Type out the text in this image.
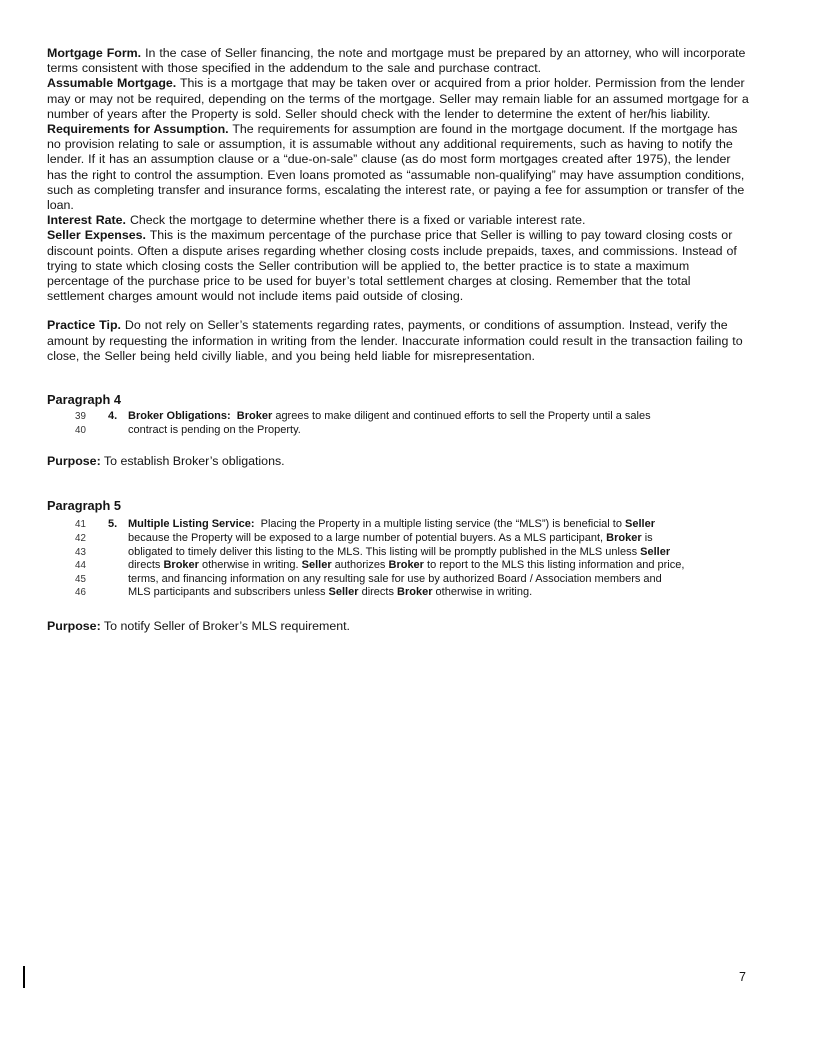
Mortgage Form. In the case of Seller financing, the note and mortgage must be prepared by an attorney, who will incorporate terms consistent with those specified in the addendum to the sale and purchase contract.

Assumable Mortgage. This is a mortgage that may be taken over or acquired from a prior holder. Permission from the lender may or may not be required, depending on the terms of the mortgage. Seller may remain liable for an assumed mortgage for a number of years after the Property is sold. Seller should check with the lender to determine the extent of her/his liability.

Requirements for Assumption. The requirements for assumption are found in the mortgage document. If the mortgage has no provision relating to sale or assumption, it is assumable without any additional requirements, such as having to notify the lender. If it has an assumption clause or a “due-on-sale” clause (as do most form mortgages created after 1975), the lender has the right to control the assumption. Even loans promoted as “assumable non-qualifying” may have assumption conditions, such as completing transfer and insurance forms, escalating the interest rate, or paying a fee for assumption or transfer of the loan.

Interest Rate. Check the mortgage to determine whether there is a fixed or variable interest rate.

Seller Expenses. This is the maximum percentage of the purchase price that Seller is willing to pay toward closing costs or discount points. Often a dispute arises regarding whether closing costs include prepaids, taxes, and commissions. Instead of trying to state which closing costs the Seller contribution will be applied to, the better practice is to state a maximum percentage of the purchase price to be used for buyer’s total settlement charges at closing. Remember that the total settlement charges amount would not include items paid outside of closing.

Practice Tip. Do not rely on Seller’s statements regarding rates, payments, or conditions of assumption. Instead, verify the amount by requesting the information in writing from the lender. Inaccurate information could result in the transaction failing to close, the Seller being held civilly liable, and you being held liable for misrepresentation.

Paragraph 4
39	4. Broker Obligations:  Broker agrees to make diligent and continued efforts to sell the Property until a sales
40	contract is pending on the Property.

Purpose: To establish Broker’s obligations.

Paragraph 5
41	5. Multiple Listing Service:  Placing the Property in a multiple listing service (the “MLS”) is beneficial to Seller
42	because the Property will be exposed to a large number of potential buyers. As a MLS participant, Broker is
43	obligated to timely deliver this listing to the MLS. This listing will be promptly published in the MLS unless Seller
44	directs Broker otherwise in writing. Seller authorizes Broker to report to the MLS this listing information and price,
45	terms, and financing information on any resulting sale for use by authorized Board / Association members and
46	MLS participants and subscribers unless Seller directs Broker otherwise in writing.

Purpose: To notify Seller of Broker’s MLS requirement.

7
